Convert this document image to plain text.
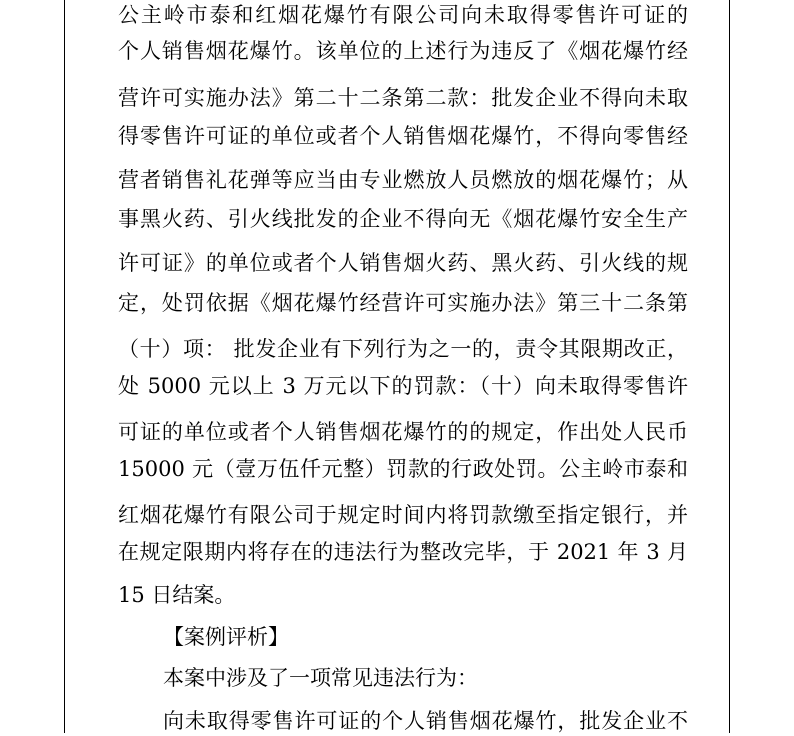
公主岭市泰和红烟花爆竹有限公司向未取得零售许可证的
个人销售烟花爆竹。该单位的上述行为违反了《烟花爆竹经
营许可实施办法》第二十二条第二款：批发企业不得向未取
得零售许可证的单位或者个人销售烟花爆竹，不得向零售经
营者销售礼花弹等应当由专业燃放人员燃放的烟花爆竹；从
事黑火药、引火线批发的企业不得向无《烟花爆竹安全生产
许可证》的单位或者个人销售烟火药、黑火药、引火线的规
定，处罚依据《烟花爆竹经营许可实施办法》第三十二条第
（十）项： 批发企业有下列行为之一的，责令其限期改正，
处 5000 元以上 3 万元以下的罚款：（十）向未取得零售许
可证的单位或者个人销售烟花爆竹的的规定，作出处人民币
15000 元（壹万伍仟元整）罚款的行政处罚。公主岭市泰和
红烟花爆竹有限公司于规定时间内将罚款缴至指定银行，并
在规定限期内将存在的违法行为整改完毕，于 2021 年 3 月
15 日结案。
【案例评析】
本案中涉及了一项常见违法行为：
向未取得零售许可证的个人销售烟花爆竹，批发企业不
